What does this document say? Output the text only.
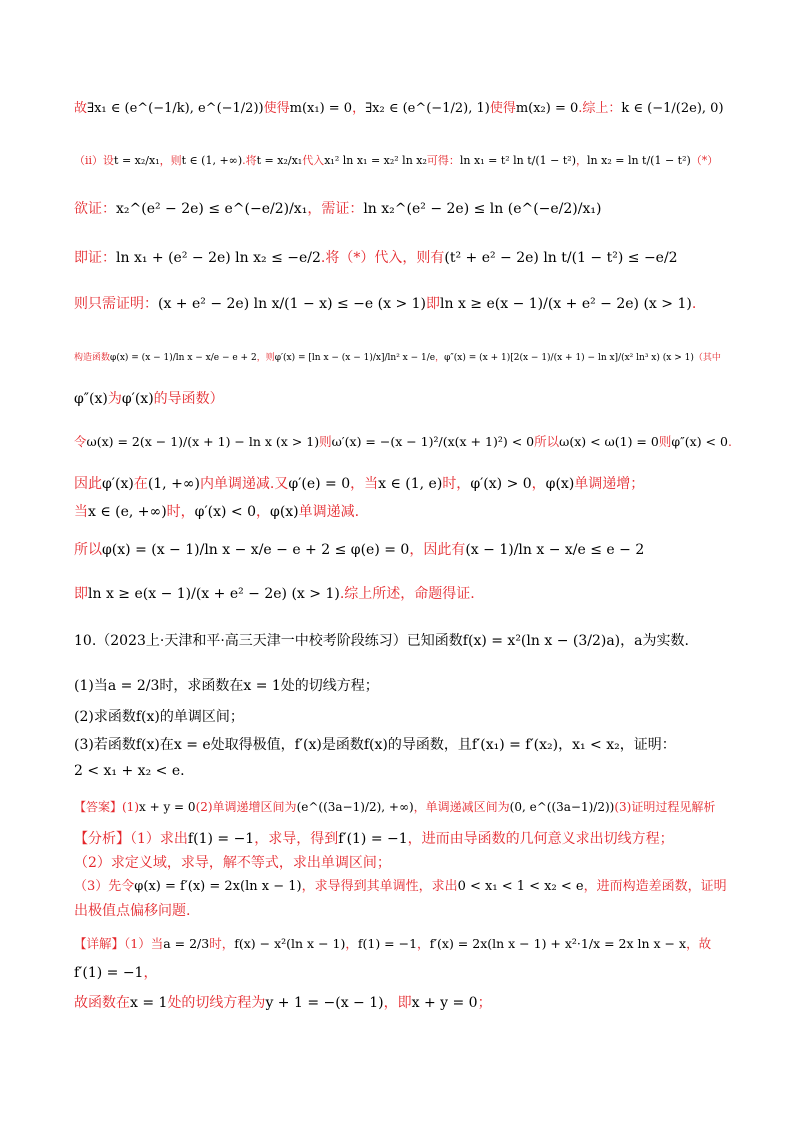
故∃x₁ ∈ (e^(−1/k), e^(−1/2))使得m(x₁) = 0，∃x₂ ∈ (e^(−1/2), 1)使得m(x₂) = 0.综上：k ∈ (−1/(2e), 0)
（ii）设t = x₂/x₁，则t ∈ (1, +∞).将t = x₂/x₁代入x₁² ln x₁ = x₂² ln x₂可得：ln x₁ = t² ln t/(1 − t²)，ln x₂ = ln t/(1 − t²)（*）
欲证：x₂^(e² − 2e) ≤ e^(−e/2)/x₁，需证：ln x₂^(e² − 2e) ≤ ln (e^(−e/2)/x₁)
即证：ln x₁ + (e² − 2e) ln x₂ ≤ −e/2.将（*）代入，则有(t² + e² − 2e) ln t/(1 − t²) ≤ −e/2
则只需证明：(x + e² − 2e) ln x/(1 − x) ≤ −e (x > 1)即ln x ≥ e(x − 1)/(x + e² − 2e) (x > 1).
构造函数φ(x) = (x − 1)/ln x − x/e − e + 2，则φ′(x) = [ln x − (x − 1)/x]/ln² x − 1/e，φ″(x) = (x + 1)[2(x − 1)/(x + 1) − ln x]/(x² ln³ x) (x > 1)（其中
φ″(x)为φ′(x)的导函数）
令ω(x) = 2(x − 1)/(x + 1) − ln x (x > 1)则ω′(x) = −(x − 1)²/(x(x + 1)²) < 0所以ω(x) < ω(1) = 0则φ″(x) < 0.
因此φ′(x)在(1, +∞)内单调递减.又φ′(e) = 0，当x ∈ (1, e)时，φ′(x) > 0，φ(x)单调递增；
当x ∈ (e, +∞)时，φ′(x) < 0，φ(x)单调递减.
所以φ(x) = (x − 1)/ln x − x/e − e + 2 ≤ φ(e) = 0，因此有(x − 1)/ln x − x/e ≤ e − 2
即ln x ≥ e(x − 1)/(x + e² − 2e) (x > 1).综上所述，命题得证.
10.（2023上·天津和平·高三天津一中校考阶段练习）已知函数f(x) = x²(ln x − (3/2)a)，a为实数.
(1)当a = 2/3时，求函数在x = 1处的切线方程；
(2)求函数f(x)的单调区间；
(3)若函数f(x)在x = e处取得极值，f′(x)是函数f(x)的导函数，且f′(x₁) = f′(x₂)，x₁ < x₂，证明：
2 < x₁ + x₂ < e.
【答案】(1)x + y = 0(2)单调递增区间为(e^((3a−1)/2), +∞)，单调递减区间为(0, e^((3a−1)/2))(3)证明过程见解析
【分析】（1）求出f(1) = −1，求导，得到f′(1) = −1，进而由导函数的几何意义求出切线方程；
（2）求定义域，求导，解不等式，求出单调区间；
（3）先令φ(x) = f′(x) = 2x(ln x − 1)，求导得到其单调性，求出0 < x₁ < 1 < x₂ < e，进而构造差函数，证明
出极值点偏移问题.
【详解】（1）当a = 2/3时，f(x) − x²(ln x − 1)，f(1) = −1，f′(x) = 2x(ln x − 1) + x²·1/x = 2x ln x − x，故
f′(1) = −1，
故函数在x = 1处的切线方程为y + 1 = −(x − 1)，即x + y = 0；
